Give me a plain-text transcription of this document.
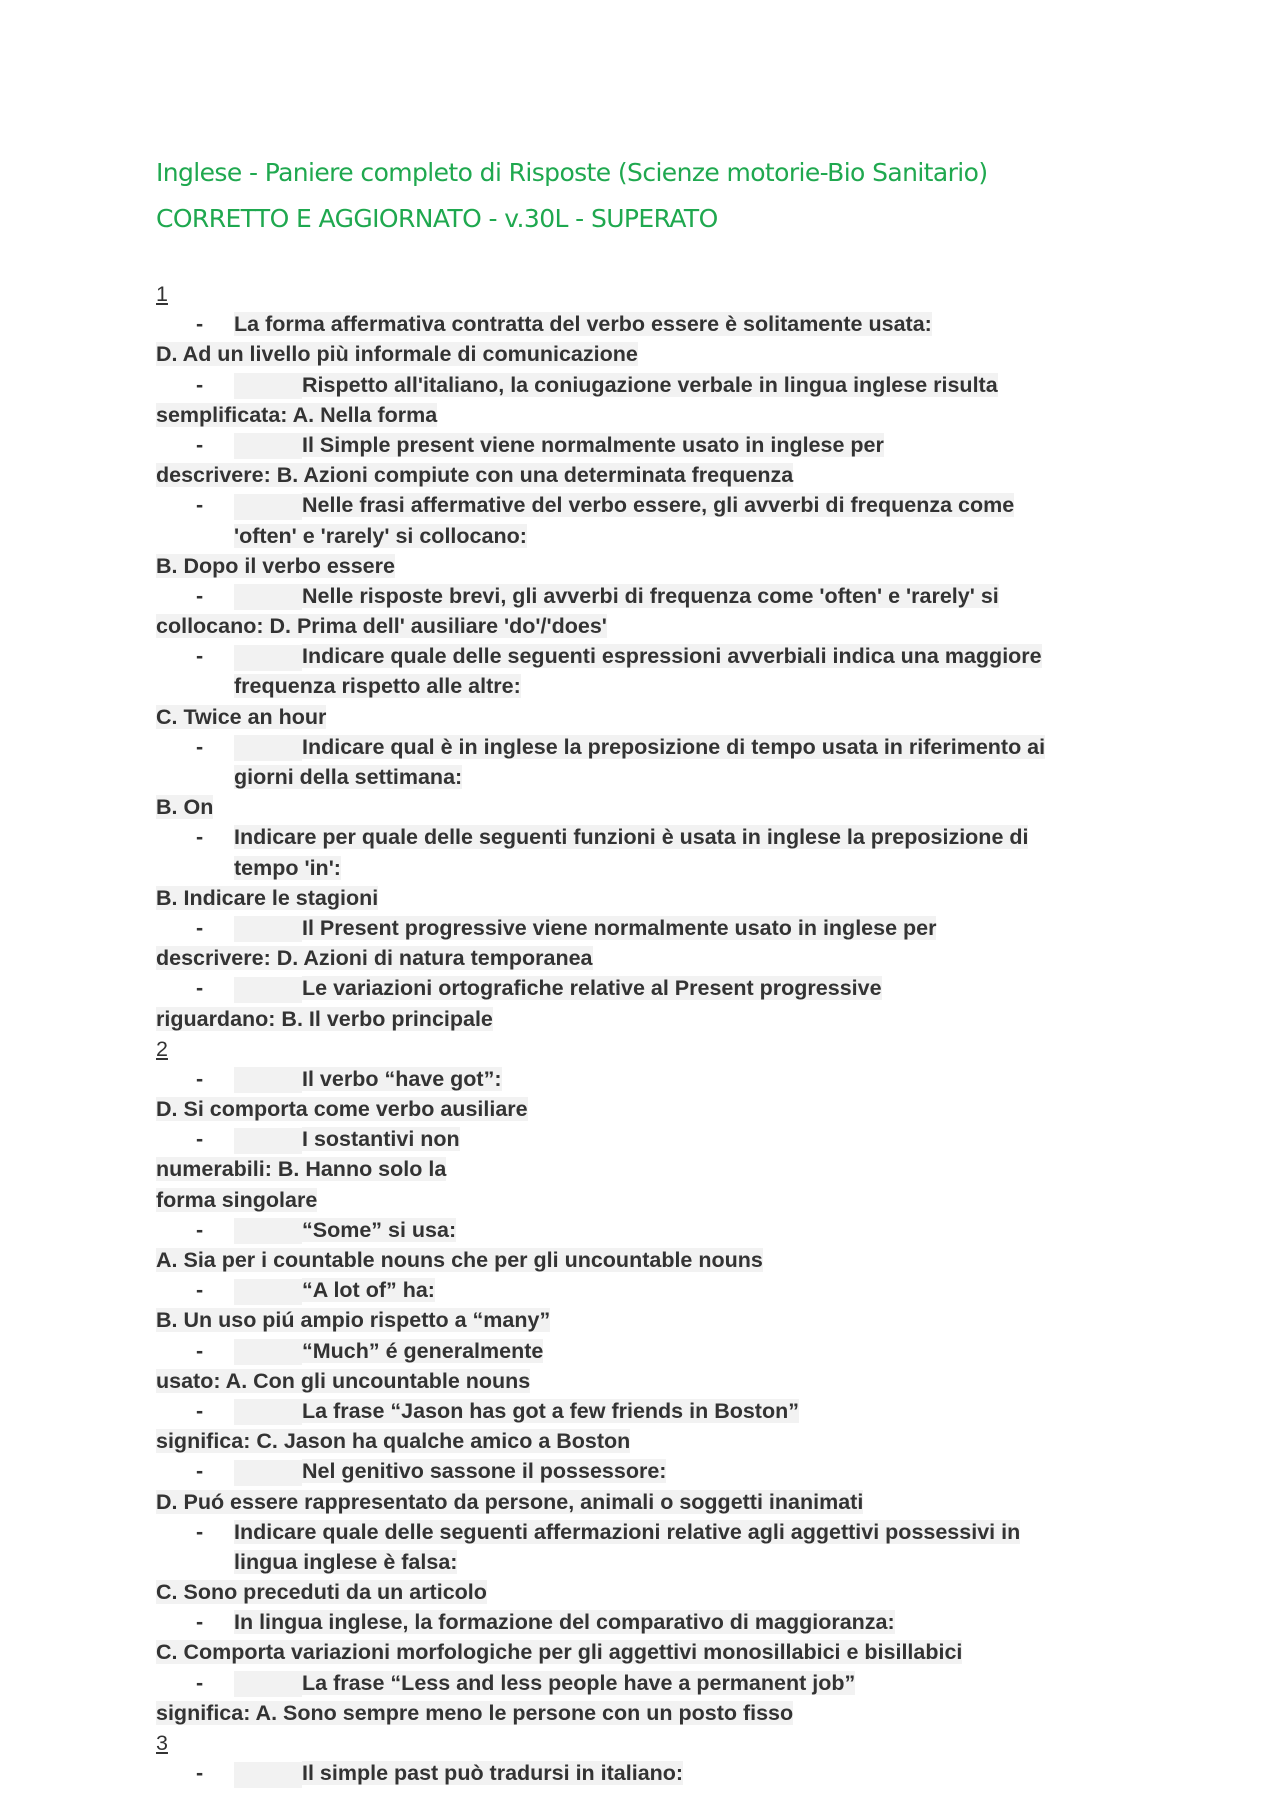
Inglese - Paniere completo di Risposte (Scienze motorie-Bio Sanitario)
CORRETTO E AGGIORNATO - v.30L - SUPERATO
1
-	La forma affermativa contratta del verbo essere è solitamente usata:
D. Ad un livello più informale di comunicazione
-	Rispetto all'italiano, la coniugazione verbale in lingua inglese risulta
semplificata: A. Nella forma
-	Il Simple present viene normalmente usato in inglese per
descrivere: B. Azioni compiute con una determinata frequenza
-	Nelle frasi affermative del verbo essere, gli avverbi di frequenza come
'often' e 'rarely' si collocano:
B. Dopo il verbo essere
-	Nelle risposte brevi, gli avverbi di frequenza come 'often' e 'rarely' si
collocano: D. Prima dell' ausiliare 'do'/'does'
-	Indicare quale delle seguenti espressioni avverbiali indica una maggiore
frequenza rispetto alle altre:
C. Twice an hour
-	Indicare qual è in inglese la preposizione di tempo usata in riferimento ai
giorni della settimana:
B. On
-	Indicare per quale delle seguenti funzioni è usata in inglese la preposizione di
tempo 'in':
B. Indicare le stagioni
-	Il Present progressive viene normalmente usato in inglese per
descrivere: D. Azioni di natura temporanea
-	Le variazioni ortografiche relative al Present progressive
riguardano: B. Il verbo principale
2
-	Il verbo “have got”:
D. Si comporta come verbo ausiliare
-	I sostantivi non
numerabili: B. Hanno solo la
forma singolare
-	“Some” si usa:
A. Sia per i countable nouns che per gli uncountable nouns
-	“A lot of” ha:
B. Un uso piú ampio rispetto a “many”
-	“Much” é generalmente
usato: A. Con gli uncountable nouns
-	La frase “Jason has got a few friends in Boston”
significa: C. Jason ha qualche amico a Boston
-	Nel genitivo sassone il possessore:
D. Puó essere rappresentato da persone, animali o soggetti inanimati
-	Indicare quale delle seguenti affermazioni relative agli aggettivi possessivi in
lingua inglese è falsa:
C. Sono preceduti da un articolo
-	In lingua inglese, la formazione del comparativo di maggioranza:
C. Comporta variazioni morfologiche per gli aggettivi monosillabici e bisillabici
-	La frase “Less and less people have a permanent job”
significa: A. Sono sempre meno le persone con un posto fisso
3
-	Il simple past può tradursi in italiano:
